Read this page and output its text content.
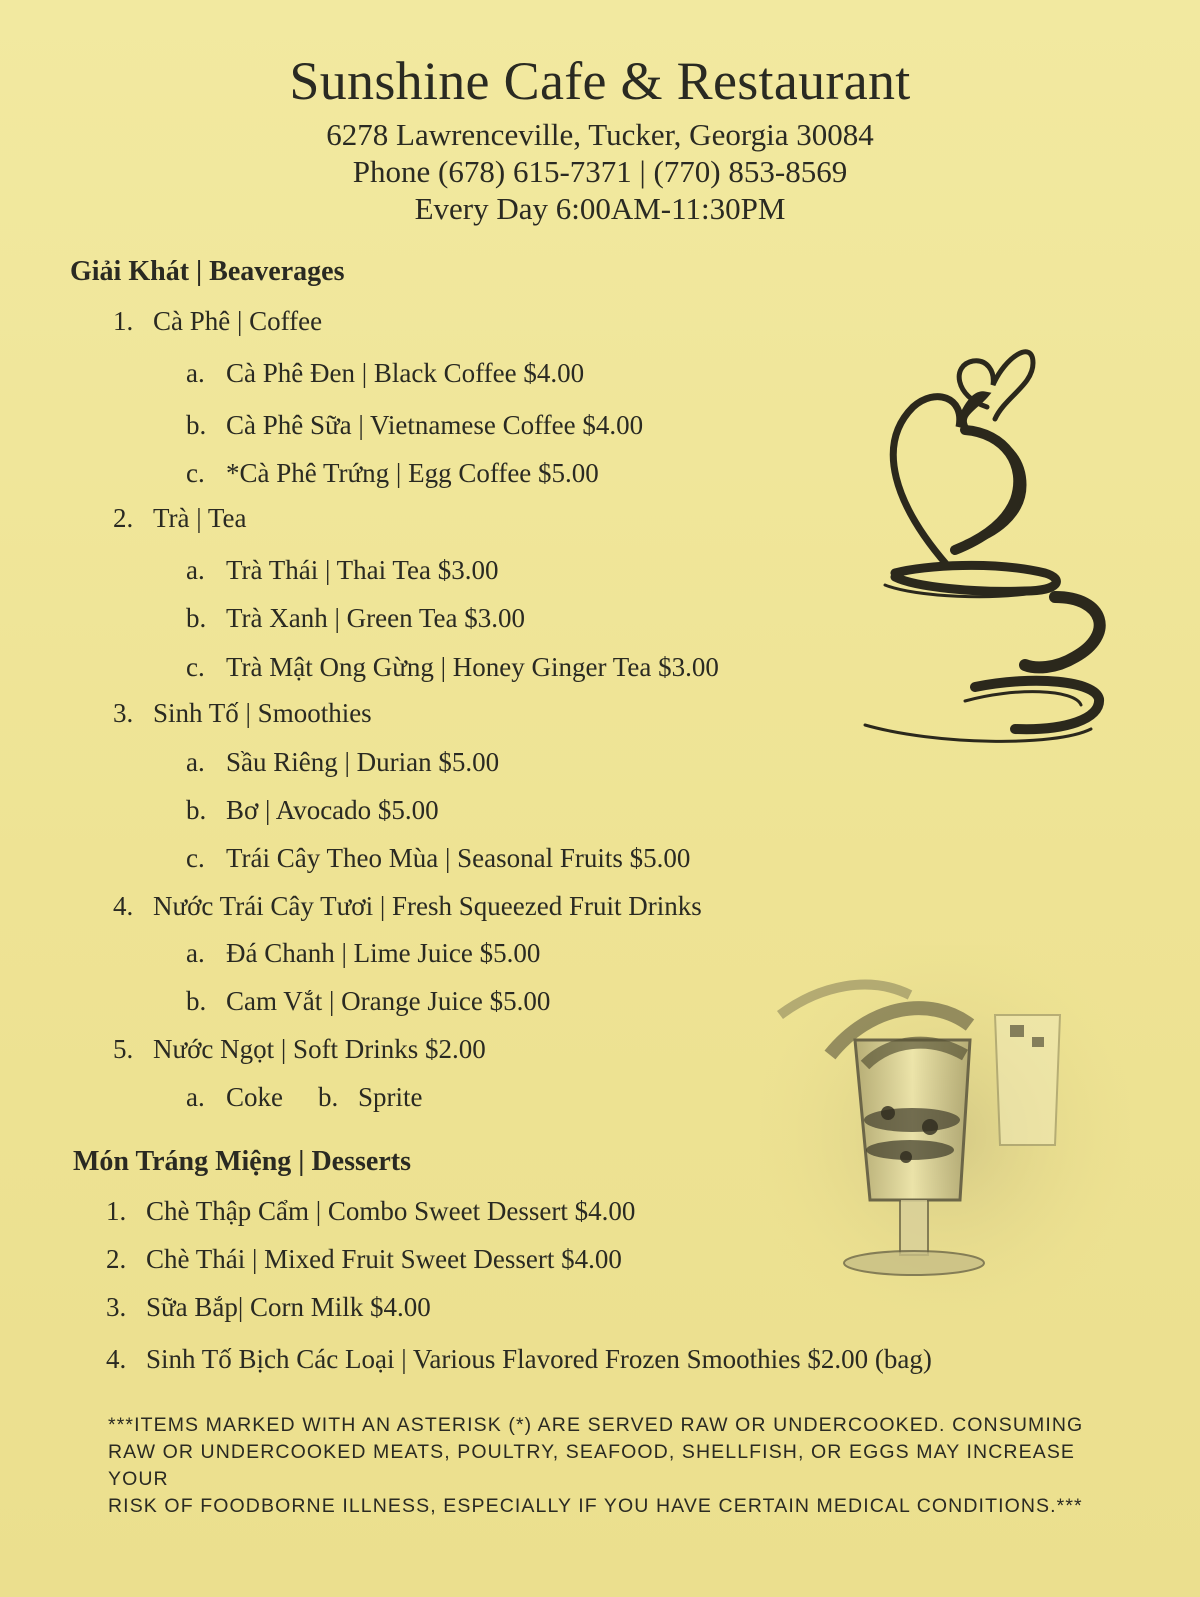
Sunshine Cafe & Restaurant
6278 Lawrenceville, Tucker, Georgia 30084
Phone (678) 615-7371 | (770) 853-8569
Every Day 6:00AM-11:30PM
Giải Khát | Beaverages
1. Cà Phê | Coffee
a. Cà Phê Đen | Black Coffee $4.00
b. Cà Phê Sữa | Vietnamese Coffee $4.00
c. *Cà Phê Trứng | Egg Coffee $5.00
2. Trà | Tea
a. Trà Thái | Thai Tea $3.00
b. Trà Xanh | Green Tea $3.00
c. Trà Mật Ong Gừng | Honey Ginger Tea $3.00
3. Sinh Tố | Smoothies
a. Sầu Riêng | Durian $5.00
b. Bơ | Avocado $5.00
c. Trái Cây Theo Mùa | Seasonal Fruits $5.00
4. Nước Trái Cây Tươi | Fresh Squeezed Fruit Drinks
a. Đá Chanh | Lime Juice $5.00
b. Cam Vắt | Orange Juice $5.00
5. Nước Ngọt | Soft Drinks $2.00
a. Coke b. Sprite
Món Tráng Miệng | Desserts
1. Chè Thập Cẩm | Combo Sweet Dessert $4.00
2. Chè Thái | Mixed Fruit Sweet Dessert $4.00
3. Sữa Bắp| Corn Milk $4.00
4. Sinh Tố Bịch Các Loại | Various Flavored Frozen Smoothies $2.00 (bag)
***ITEMS MARKED WITH AN ASTERISK (*) ARE SERVED RAW OR UNDERCOOKED. CONSUMING
RAW OR UNDERCOOKED MEATS, POULTRY, SEAFOOD, SHELLFISH, OR EGGS MAY INCREASE YOUR
RISK OF FOODBORNE ILLNESS, ESPECIALLY IF YOU HAVE CERTAIN MEDICAL CONDITIONS.***
